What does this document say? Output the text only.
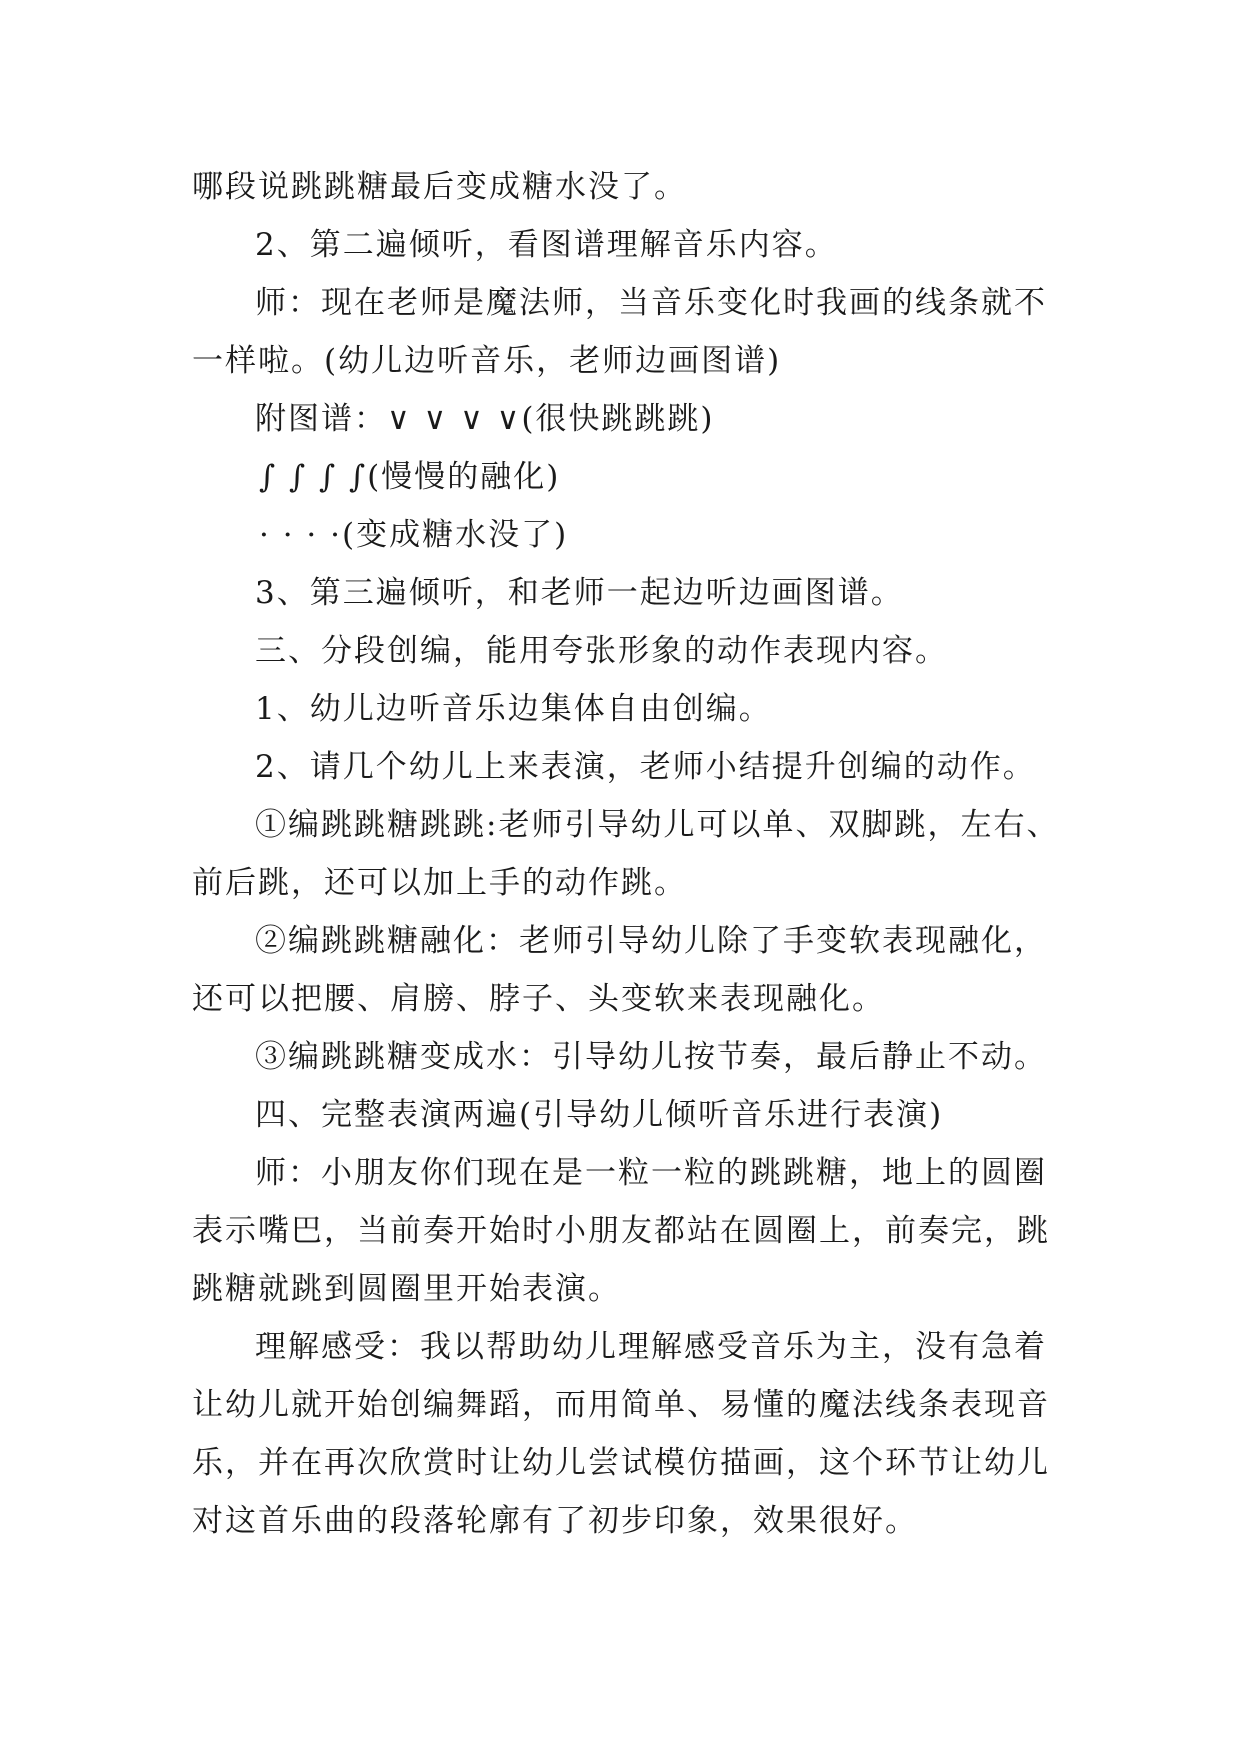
哪段说跳跳糖最后变成糖水没了。
2、第二遍倾听，看图谱理解音乐内容。
师：现在老师是魔法师，当音乐变化时我画的线条就不
一样啦。(幼儿边听音乐，老师边画图谱)
附图谱：∨ ∨ ∨ ∨(很快跳跳跳)
∫ ∫ ∫ ∫(慢慢的融化)
· · · ·(变成糖水没了)
3、第三遍倾听，和老师一起边听边画图谱。
三、分段创编，能用夸张形象的动作表现内容。
1、幼儿边听音乐边集体自由创编。
2、请几个幼儿上来表演，老师小结提升创编的动作。
①编跳跳糖跳跳:老师引导幼儿可以单、双脚跳，左右、
前后跳，还可以加上手的动作跳。
②编跳跳糖融化：老师引导幼儿除了手变软表现融化，
还可以把腰、肩膀、脖子、头变软来表现融化。
③编跳跳糖变成水：引导幼儿按节奏，最后静止不动。
四、完整表演两遍(引导幼儿倾听音乐进行表演)
师：小朋友你们现在是一粒一粒的跳跳糖，地上的圆圈
表示嘴巴，当前奏开始时小朋友都站在圆圈上，前奏完，跳
跳糖就跳到圆圈里开始表演。
理解感受：我以帮助幼儿理解感受音乐为主，没有急着
让幼儿就开始创编舞蹈，而用简单、易懂的魔法线条表现音
乐，并在再次欣赏时让幼儿尝试模仿描画，这个环节让幼儿
对这首乐曲的段落轮廓有了初步印象，效果很好。
